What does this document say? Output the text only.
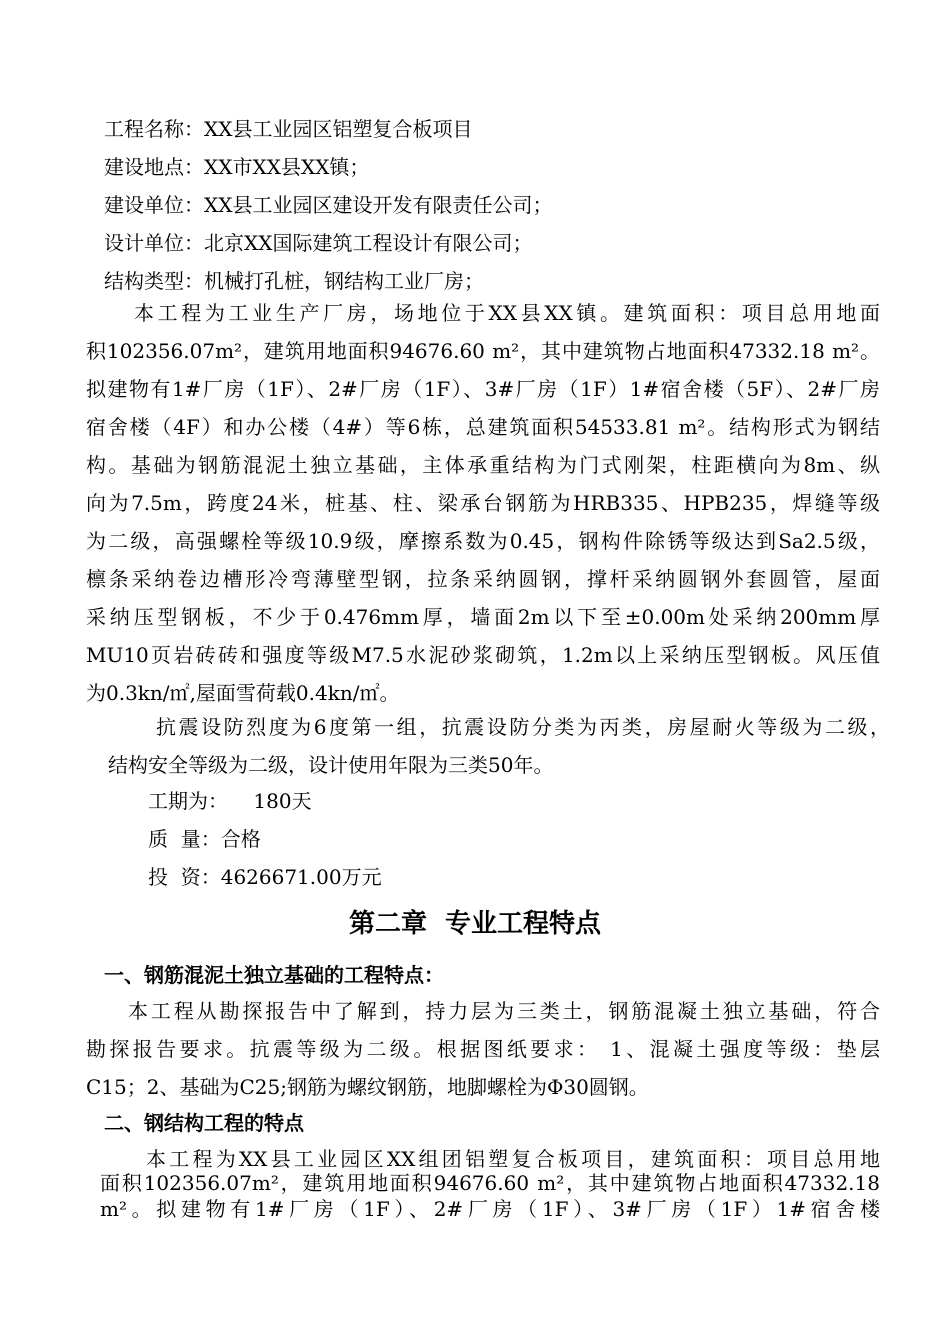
工程名称：XX县工业园区铝塑复合板项目
建设地点：XX市XX县XX镇；
建设单位：XX县工业园区建设开发有限责任公司；
设计单位：北京XX国际建筑工程设计有限公司；
结构类型：机械打孔桩，钢结构工业厂房；
本工程为工业生产厂房，场地位于XX县XX镇。建筑面积：项目总用地面
积102356.07m²，建筑用地面积94676.60 m²，其中建筑物占地面积47332.18 m²。
拟建物有1#厂房（1F）、2#厂房（1F）、3#厂房（1F）1#宿舍楼（5F）、2#厂房
宿舍楼（4F）和办公楼（4#）等6栋，总建筑面积54533.81 m²。结构形式为钢结
构。基础为钢筋混泥土独立基础，主体承重结构为门式刚架，柱距横向为8m、纵
向为7.5m，跨度24米，桩基、柱、梁承台钢筋为HRB335、HPB235，焊缝等级
为二级，高强螺栓等级10.9级，摩擦系数为0.45，钢构件除锈等级达到Sa2.5级，
檩条采纳卷边槽形冷弯薄壁型钢，拉条采纳圆钢，撑杆采纳圆钢外套圆管，屋面
采纳压型钢板，不少于0.476mm厚，墙面2m以下至±0.00m处采纳200mm厚
MU10页岩砖砖和强度等级M7.5水泥砂浆砌筑，1.2m以上采纳压型钢板。风压值
为0.3kn/㎡,屋面雪荷载0.4kn/㎡。
抗震设防烈度为6度第一组，抗震设防分类为丙类，房屋耐火等级为二级，
结构安全等级为二级，设计使用年限为三类50年。
工期为：    180天
质  量：合格
投  资：4626671.00万元
第二章  专业工程特点
一、钢筋混泥土独立基础的工程特点：
本工程从勘探报告中了解到，持力层为三类土，钢筋混凝土独立基础，符合
勘探报告要求。抗震等级为二级。根据图纸要求： 1、混凝土强度等级：垫层
C15；2、基础为C25;钢筋为螺纹钢筋，地脚螺栓为Φ30圆钢。
二、钢结构工程的特点
本工程为XX县工业园区XX组团铝塑复合板项目，建筑面积：项目总用地
面积102356.07m²，建筑用地面积94676.60 m²，其中建筑物占地面积47332.18
m²。拟建物有1#厂房（1F）、2#厂房（1F）、3#厂房（1F）1#宿舍楼
